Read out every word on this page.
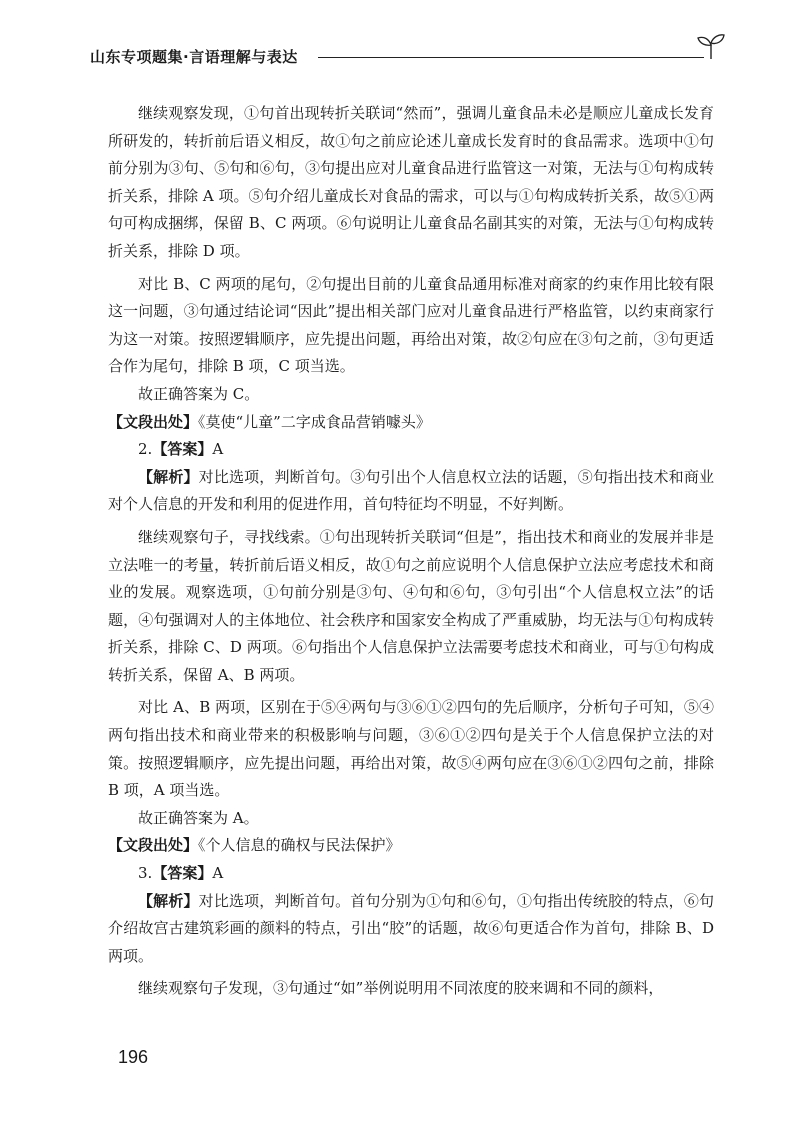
山东专项题集·言语理解与表达

继续观察发现，①句首出现转折关联词“然而”，强调儿童食品未必是顺应儿童成长发育所研发的，转折前后语义相反，故①句之前应论述儿童成长发育时的食品需求。选项中①句前分别为③句、⑤句和⑥句，③句提出应对儿童食品进行监管这一对策，无法与①句构成转折关系，排除 A 项。⑤句介绍儿童成长对食品的需求，可以与①句构成转折关系，故⑤①两句可构成捆绑，保留 B、C 两项。⑥句说明让儿童食品名副其实的对策，无法与①句构成转折关系，排除 D 项。

对比 B、C 两项的尾句，②句提出目前的儿童食品通用标准对商家的约束作用比较有限这一问题，③句通过结论词“因此”提出相关部门应对儿童食品进行严格监管，以约束商家行为这一对策。按照逻辑顺序，应先提出问题，再给出对策，故②句应在③句之前，③句更适合作为尾句，排除 B 项，C 项当选。

故正确答案为 C。

【文段出处】《莫使“儿童”二字成食品营销噱头》

2.【答案】A

【解析】对比选项，判断首句。③句引出个人信息权立法的话题，⑤句指出技术和商业对个人信息的开发和利用的促进作用，首句特征均不明显，不好判断。

继续观察句子，寻找线索。①句出现转折关联词“但是”，指出技术和商业的发展并非是立法唯一的考量，转折前后语义相反，故①句之前应说明个人信息保护立法应考虑技术和商业的发展。观察选项，①句前分别是③句、④句和⑥句，③句引出“个人信息权立法”的话题，④句强调对人的主体地位、社会秩序和国家安全构成了严重威胁，均无法与①句构成转折关系，排除 C、D 两项。⑥句指出个人信息保护立法需要考虑技术和商业，可与①句构成转折关系，保留 A、B 两项。

对比 A、B 两项，区别在于⑤④两句与③⑥①②四句的先后顺序，分析句子可知，⑤④两句指出技术和商业带来的积极影响与问题，③⑥①②四句是关于个人信息保护立法的对策。按照逻辑顺序，应先提出问题，再给出对策，故⑤④两句应在③⑥①②四句之前，排除 B 项，A 项当选。

故正确答案为 A。

【文段出处】《个人信息的确权与民法保护》

3.【答案】A

【解析】对比选项，判断首句。首句分别为①句和⑥句，①句指出传统胶的特点，⑥句介绍故宫古建筑彩画的颜料的特点，引出“胶”的话题，故⑥句更适合作为首句，排除 B、D 两项。

继续观察句子发现，③句通过“如”举例说明用不同浓度的胶来调和不同的颜料，

196
